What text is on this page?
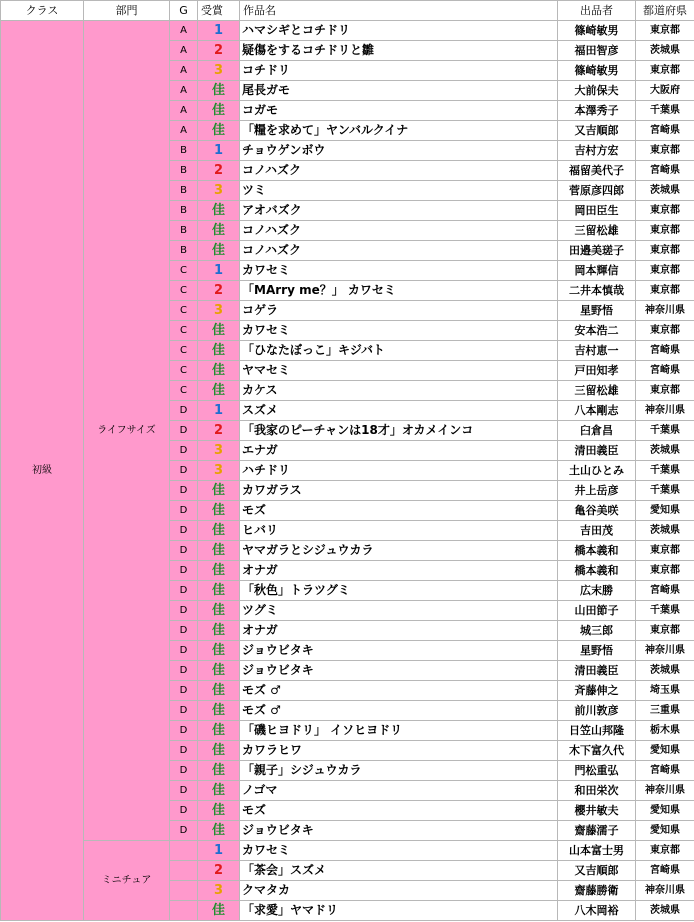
クラス	部門	G	受賞	作品名	出品者	都道府県
初級	ライフサイズ	A	1	ハマシギとコチドリ	篠崎敏男	東京都
		A	2	疑傷をするコチドリと雛	福田智彦	茨城県
		A	3	コチドリ	篠崎敏男	東京都
		A	佳	尾長ガモ	大前保夫	大阪府
		A	佳	コガモ	本澤秀子	千葉県
		A	佳	「糧を求めて」ヤンバルクイナ	又吉順郎	宮崎県
		B	1	チョウゲンボウ	吉村方宏	東京都
		B	2	コノハズク	福留美代子	宮崎県
		B	3	ツミ	菅原彦四郎	茨城県
		B	佳	アオバズク	岡田臣生	東京都
		B	佳	コノハズク	三留松雄	東京都
		B	佳	コノハズク	田邉美瑳子	東京都
		C	1	カワセミ	岡本輝信	東京都
		C	2	「MArry me？」 カワセミ	二井本慎哉	東京都
		C	3	コゲラ	星野悟	神奈川県
		C	佳	カワセミ	安本浩二	東京都
		C	佳	「ひなたぼっこ」キジバト	吉村恵一	宮崎県
		C	佳	ヤマセミ	戸田知孝	宮崎県
		C	佳	カケス	三留松雄	東京都
		D	1	スズメ	八本剛志	神奈川県
		D	2	「我家のピーチャンは18才」オカメインコ	臼倉昌	千葉県
		D	3	エナガ	清田義臣	茨城県
		D	3	ハチドリ	土山ひとみ	千葉県
		D	佳	カワガラス	井上岳彦	千葉県
		D	佳	モズ	亀谷美咲	愛知県
		D	佳	ヒバリ	吉田茂	茨城県
		D	佳	ヤマガラとシジュウカラ	橋本義和	東京都
		D	佳	オナガ	橋本義和	東京都
		D	佳	「秋色」トラツグミ	広末勝	宮崎県
		D	佳	ツグミ	山田節子	千葉県
		D	佳	オナガ	城三郎	東京都
		D	佳	ジョウビタキ	星野悟	神奈川県
		D	佳	ジョウビタキ	清田義臣	茨城県
		D	佳	モズ ♂	斉藤伸之	埼玉県
		D	佳	モズ ♂	前川敦彦	三重県
		D	佳	「磯ヒヨドリ」 イソヒヨドリ	日笠山邦隆	栃木県
		D	佳	カワラヒワ	木下富久代	愛知県
		D	佳	「親子」シジュウカラ	門松重弘	宮崎県
		D	佳	ノゴマ	和田栄次	神奈川県
		D	佳	モズ	櫻井敏夫	愛知県
		D	佳	ジョウビタキ	齋藤濡子	愛知県
	ミニチュア		1	カワセミ	山本富士男	東京都
			2	「茶会」スズメ	又吉順郎	宮崎県
			3	クマタカ	齋藤勝衛	神奈川県
			佳	「求愛」ヤマドリ	八木岡裕	茨城県
